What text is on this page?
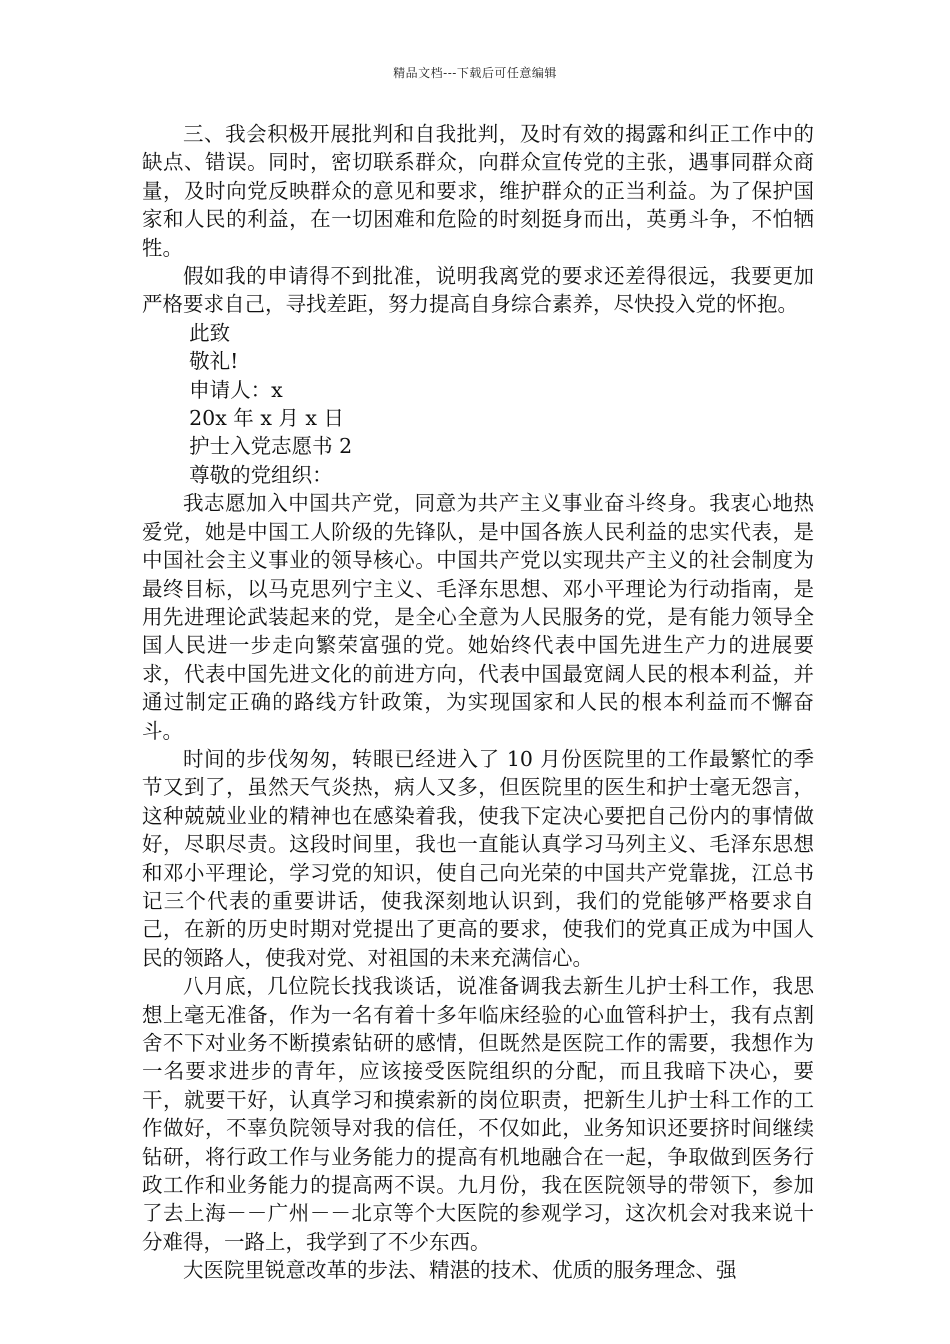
精品文档---下载后可任意编辑

三、我会积极开展批判和自我批判，及时有效的揭露和纠正工作中的缺点、错误。同时，密切联系群众，向群众宣传党的主张，遇事同群众商量，及时向党反映群众的意见和要求，维护群众的正当利益。为了保护国家和人民的利益，在一切困难和危险的时刻挺身而出，英勇斗争，不怕牺牲。

假如我的申请得不到批准，说明我离党的要求还差得很远，我要更加严格要求自己，寻找差距，努力提高自身综合素养，尽快投入党的怀抱。

此致
敬礼!
申请人：x
20x 年 x 月 x 日
护士入党志愿书 2
尊敬的党组织：

我志愿加入中国共产党，同意为共产主义事业奋斗终身。我衷心地热爱党，她是中国工人阶级的先锋队，是中国各族人民利益的忠实代表，是中国社会主义事业的领导核心。中国共产党以实现共产主义的社会制度为最终目标，以马克思列宁主义、毛泽东思想、邓小平理论为行动指南，是用先进理论武装起来的党，是全心全意为人民服务的党，是有能力领导全国人民进一步走向繁荣富强的党。她始终代表中国先进生产力的进展要求，代表中国先进文化的前进方向，代表中国最宽阔人民的根本利益，并通过制定正确的路线方针政策，为实现国家和人民的根本利益而不懈奋斗。

时间的步伐匆匆，转眼已经进入了 10 月份医院里的工作最繁忙的季节又到了，虽然天气炎热，病人又多，但医院里的医生和护士毫无怨言，这种兢兢业业的精神也在感染着我，使我下定决心要把自己份内的事情做好，尽职尽责。这段时间里，我也一直能认真学习马列主义、毛泽东思想和邓小平理论，学习党的知识，使自己向光荣的中国共产党靠拢，江总书记三个代表的重要讲话，使我深刻地认识到，我们的党能够严格要求自己，在新的历史时期对党提出了更高的要求，使我们的党真正成为中国人民的领路人，使我对党、对祖国的未来充满信心。

八月底，几位院长找我谈话，说准备调我去新生儿护士科工作，我思想上毫无准备，作为一名有着十多年临床经验的心血管科护士，我有点割舍不下对业务不断摸索钻研的感情，但既然是医院工作的需要，我想作为一名要求进步的青年，应该接受医院组织的分配，而且我暗下决心，要干，就要干好，认真学习和摸索新的岗位职责，把新生儿护士科工作的工作做好，不辜负院领导对我的信任，不仅如此，业务知识还要挤时间继续钻研，将行政工作与业务能力的提高有机地融合在一起，争取做到医务行政工作和业务能力的提高两不误。九月份，我在医院领导的带领下，参加了去上海－－广州－－北京等个大医院的参观学习，这次机会对我来说十分难得，一路上，我学到了不少东西。

大医院里锐意改革的步法、精湛的技术、优质的服务理念、强
